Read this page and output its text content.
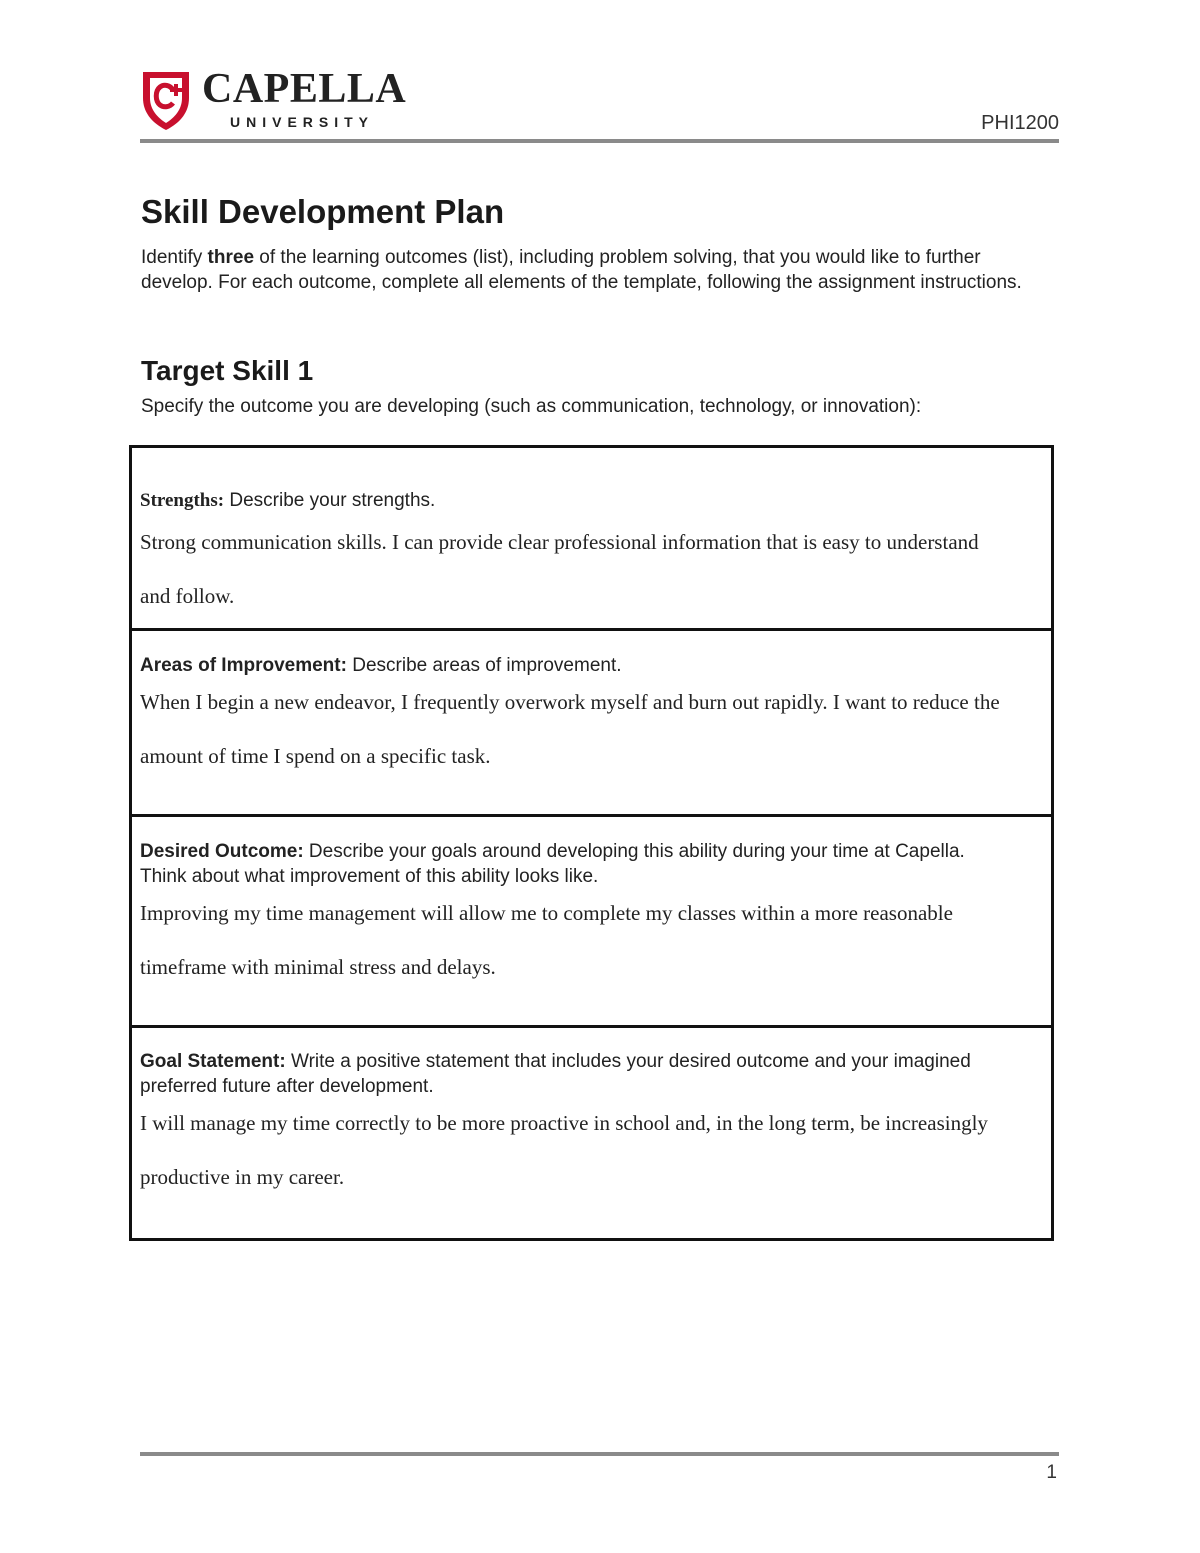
CAPELLA
UNIVERSITY	PHI1200
Skill Development Plan

Identify three of the learning outcomes (list), including problem solving, that you would like to further develop. For each outcome, complete all elements of the template, following the assignment instructions.

Target Skill 1

Specify the outcome you are developing (such as communication, technology, or innovation):

Strengths: Describe your strengths.
Strong communication skills. I can provide clear professional information that is easy to understand and follow.
Areas of Improvement: Describe areas of improvement.
When I begin a new endeavor, I frequently overwork myself and burn out rapidly. I want to reduce the amount of time I spend on a specific task.
Desired Outcome: Describe your goals around developing this ability during your time at Capella. Think about what improvement of this ability looks like.
Improving my time management will allow me to complete my classes within a more reasonable timeframe with minimal stress and delays.
Goal Statement: Write a positive statement that includes your desired outcome and your imagined preferred future after development.
I will manage my time correctly to be more proactive in school and, in the long term, be increasingly productive in my career.
1
